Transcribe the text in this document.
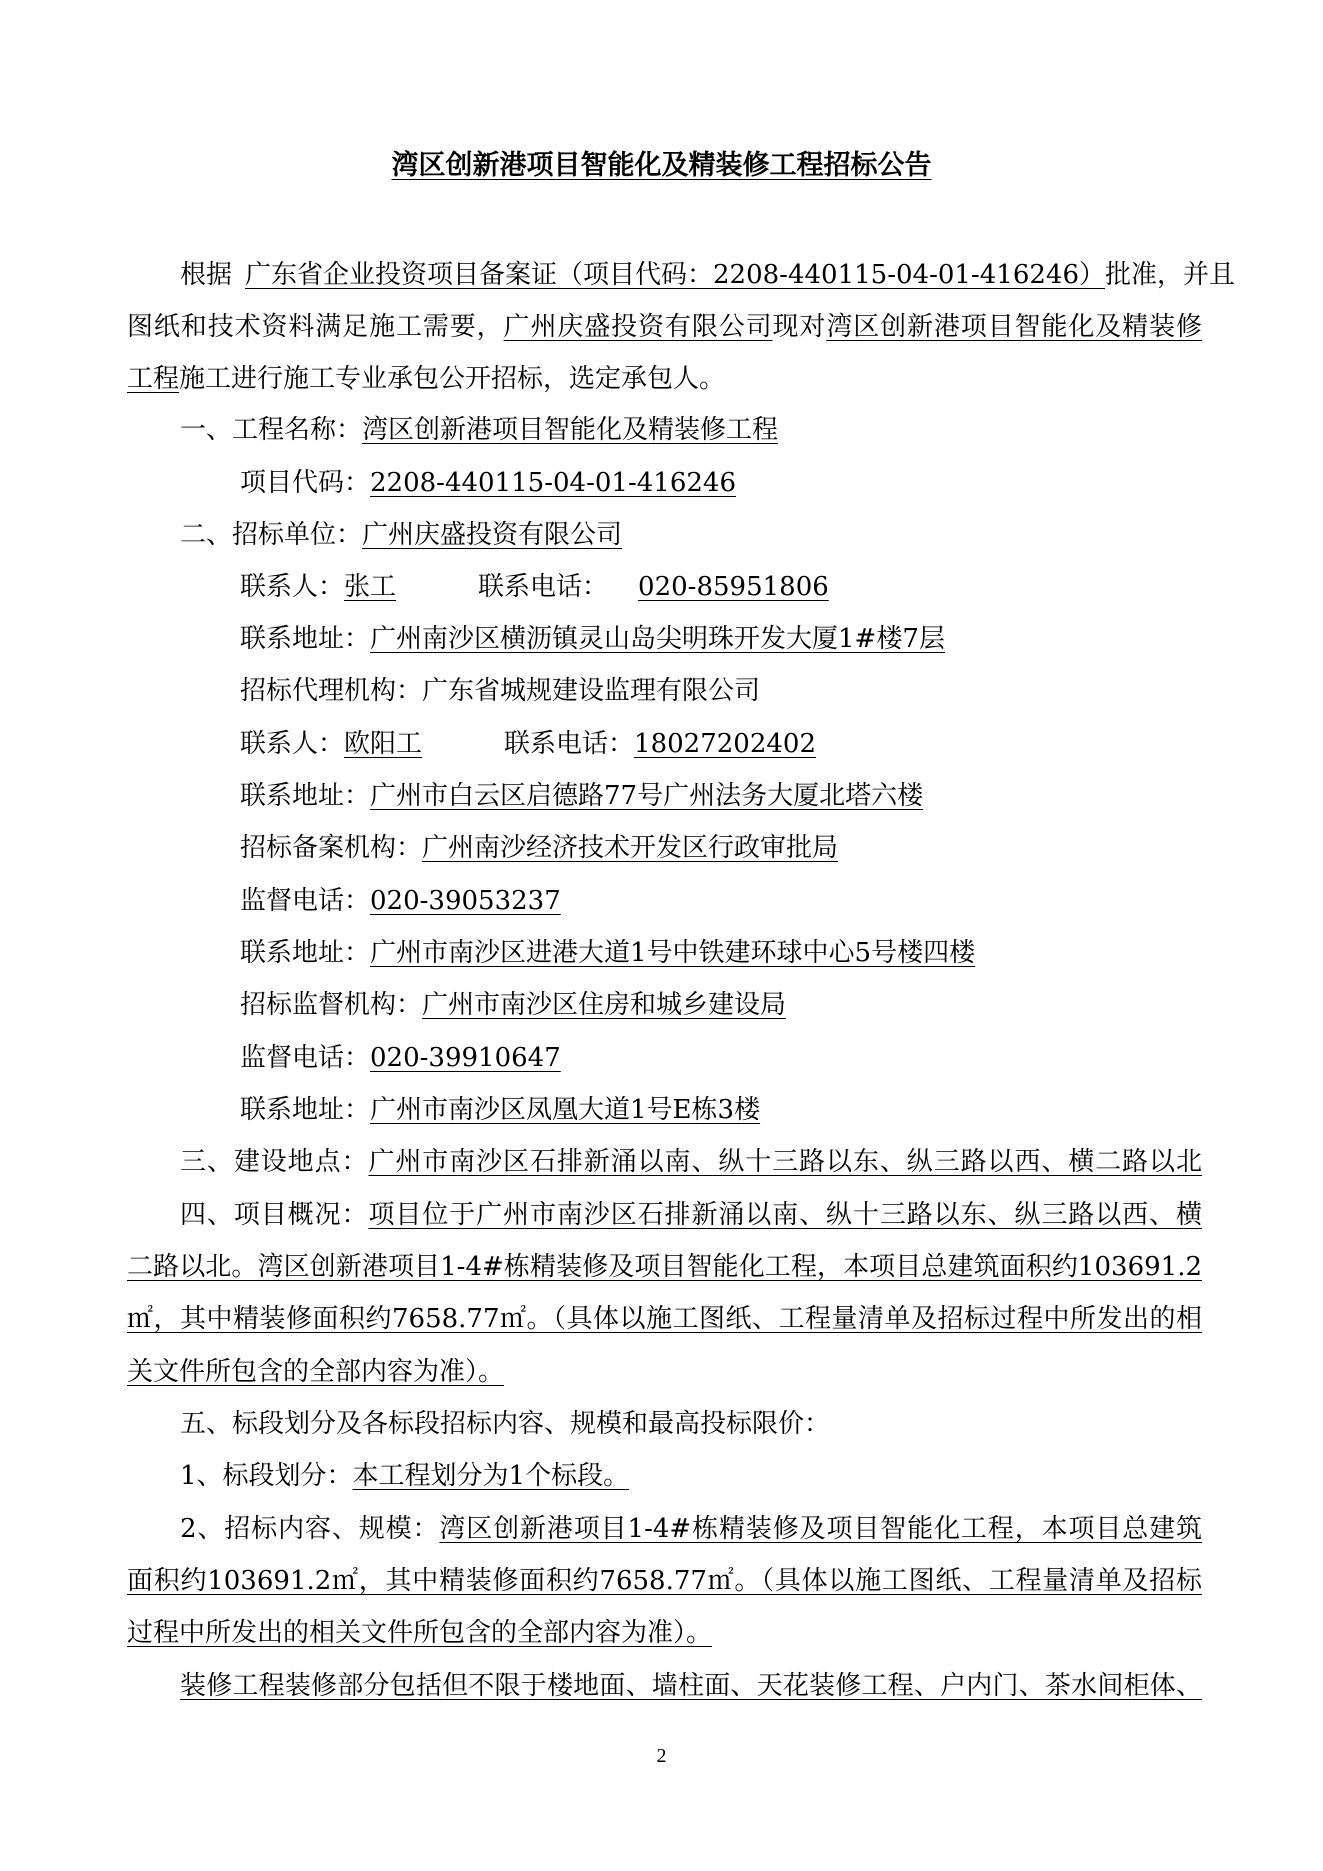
湾区创新港项目智能化及精装修工程招标公告
根据 广东省企业投资项目备案证（项目代码：2208-440115-04-01-416246）批准，并且
图纸和技术资料满足施工需要，广州庆盛投资有限公司现对湾区创新港项目智能化及精装修
工程施工进行施工专业承包公开招标，选定承包人。
一、工程名称：湾区创新港项目智能化及精装修工程
项目代码：2208-440115-04-01-416246
二、招标单位：广州庆盛投资有限公司
联系人：张工	联系电话： 020-85951806
联系地址：广州南沙区横沥镇灵山岛尖明珠开发大厦1#楼7层
招标代理机构：广东省城规建设监理有限公司
联系人：欧阳工	联系电话：18027202402
联系地址：广州市白云区启德路77号广州法务大厦北塔六楼
招标备案机构：广州南沙经济技术开发区行政审批局
监督电话：020-39053237
联系地址：广州市南沙区进港大道1号中铁建环球中心5号楼四楼
招标监督机构：广州市南沙区住房和城乡建设局
监督电话：020-39910647
联系地址：广州市南沙区凤凰大道1号E栋3楼
三、建设地点：广州市南沙区石排新涌以南、纵十三路以东、纵三路以西、横二路以北
四、项目概况：项目位于广州市南沙区石排新涌以南、纵十三路以东、纵三路以西、横
二路以北。湾区创新港项目1-4#栋精装修及项目智能化工程，本项目总建筑面积约103691.2
㎡，其中精装修面积约7658.77㎡。（具体以施工图纸、工程量清单及招标过程中所发出的相
关文件所包含的全部内容为准）。
五、标段划分及各标段招标内容、规模和最高投标限价：
1、标段划分：本工程划分为1个标段。
2、招标内容、规模：湾区创新港项目1-4#栋精装修及项目智能化工程，本项目总建筑
面积约103691.2㎡，其中精装修面积约7658.77㎡。（具体以施工图纸、工程量清单及招标
过程中所发出的相关文件所包含的全部内容为准）。
装修工程装修部分包括但不限于楼地面、墙柱面、天花装修工程、户内门、茶水间柜体、
2
